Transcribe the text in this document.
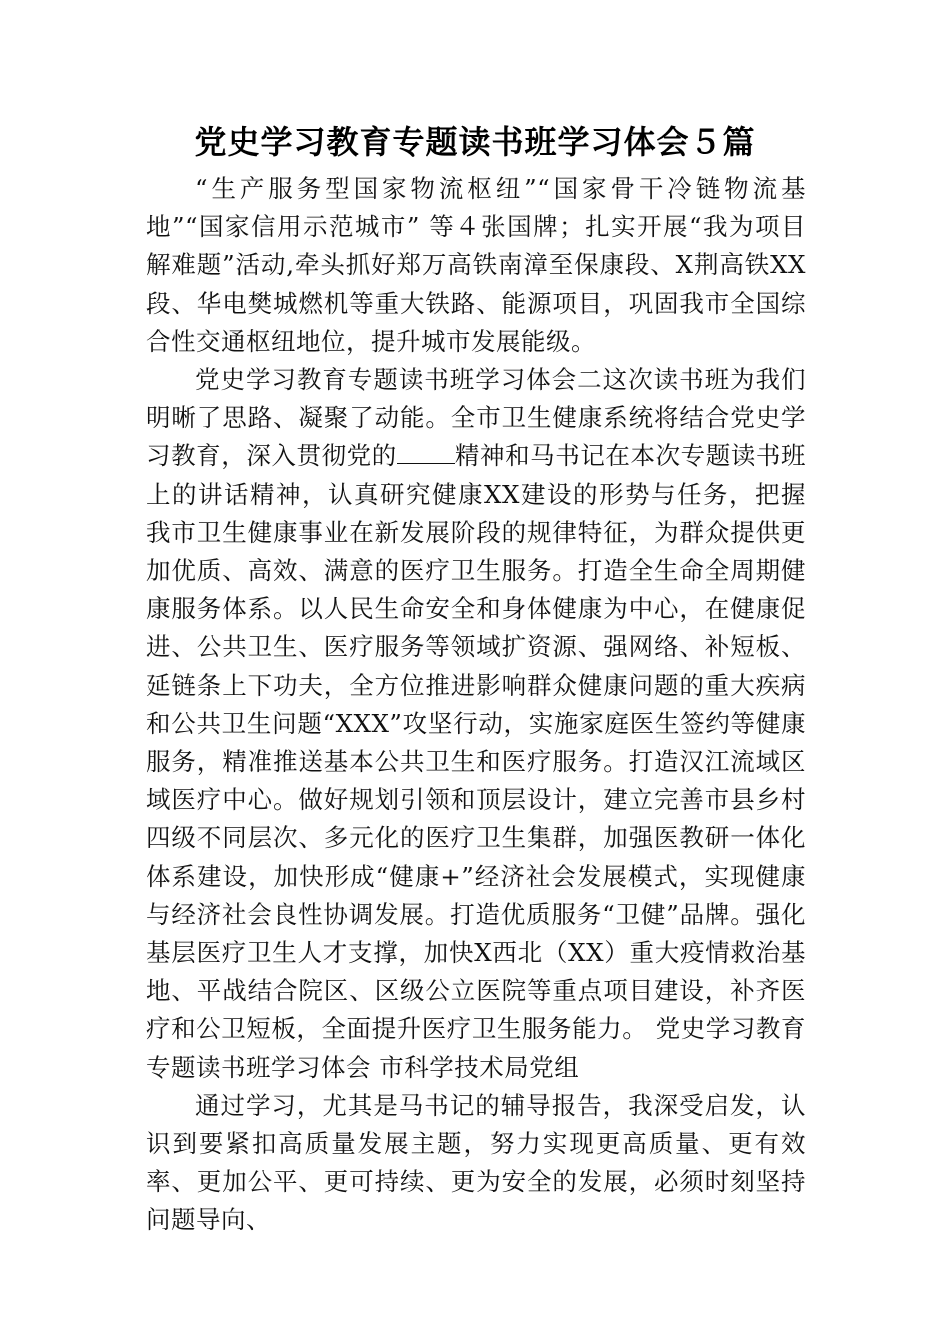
党史学习教育专题读书班学习体会５篇

“生产服务型国家物流枢纽”“国家骨干冷链物流基地”“国家信用示范城市” 等４张国牌；扎实开展“我为项目解难题”活动,牵头抓好郑万高铁南漳至保康段、X荆高铁XX段、华电樊城燃机等重大铁路、能源项目，巩固我市全国综合性交通枢纽地位，提升城市发展能级。

党史学习教育专题读书班学习体会二这次读书班为我们明晰了思路、凝聚了动能。全市卫生健康系统将结合党史学习教育，深入贯彻党的 精神和马书记在本次专题读书班上的讲话精神，认真研究健康XX建设的形势与任务，把握我市卫生健康事业在新发展阶段的规律特征，为群众提供更加优质、高效、满意的医疗卫生服务。打造全生命全周期健康服务体系。以人民生命安全和身体健康为中心，在健康促进、公共卫生、医疗服务等领域扩资源、强网络、补短板、延链条上下功夫，全方位推进影响群众健康问题的重大疾病和公共卫生问题“XXX”攻坚行动，实施家庭医生签约等健康服务，精准推送基本公共卫生和医疗服务。打造汉江流域区域医疗中心。做好规划引领和顶层设计，建立完善市县乡村四级不同层次、多元化的医疗卫生集群，加强医教研一体化体系建设，加快形成“健康+”经济社会发展模式，实现健康与经济社会良性协调发展。打造优质服务“卫健”品牌。强化基层医疗卫生人才支撑，加快X西北（XX）重大疫情救治基地、平战结合院区、区级公立医院等重点项目建设，补齐医疗和公卫短板，全面提升医疗卫生服务能力。 党史学习教育专题读书班学习体会 市科学技术局党组

通过学习，尤其是马书记的辅导报告，我深受启发，认识到要紧扣高质量发展主题，努力实现更高质量、更有效率、更加公平、更可持续、更为安全的发展，必须时刻坚持问题导向、
